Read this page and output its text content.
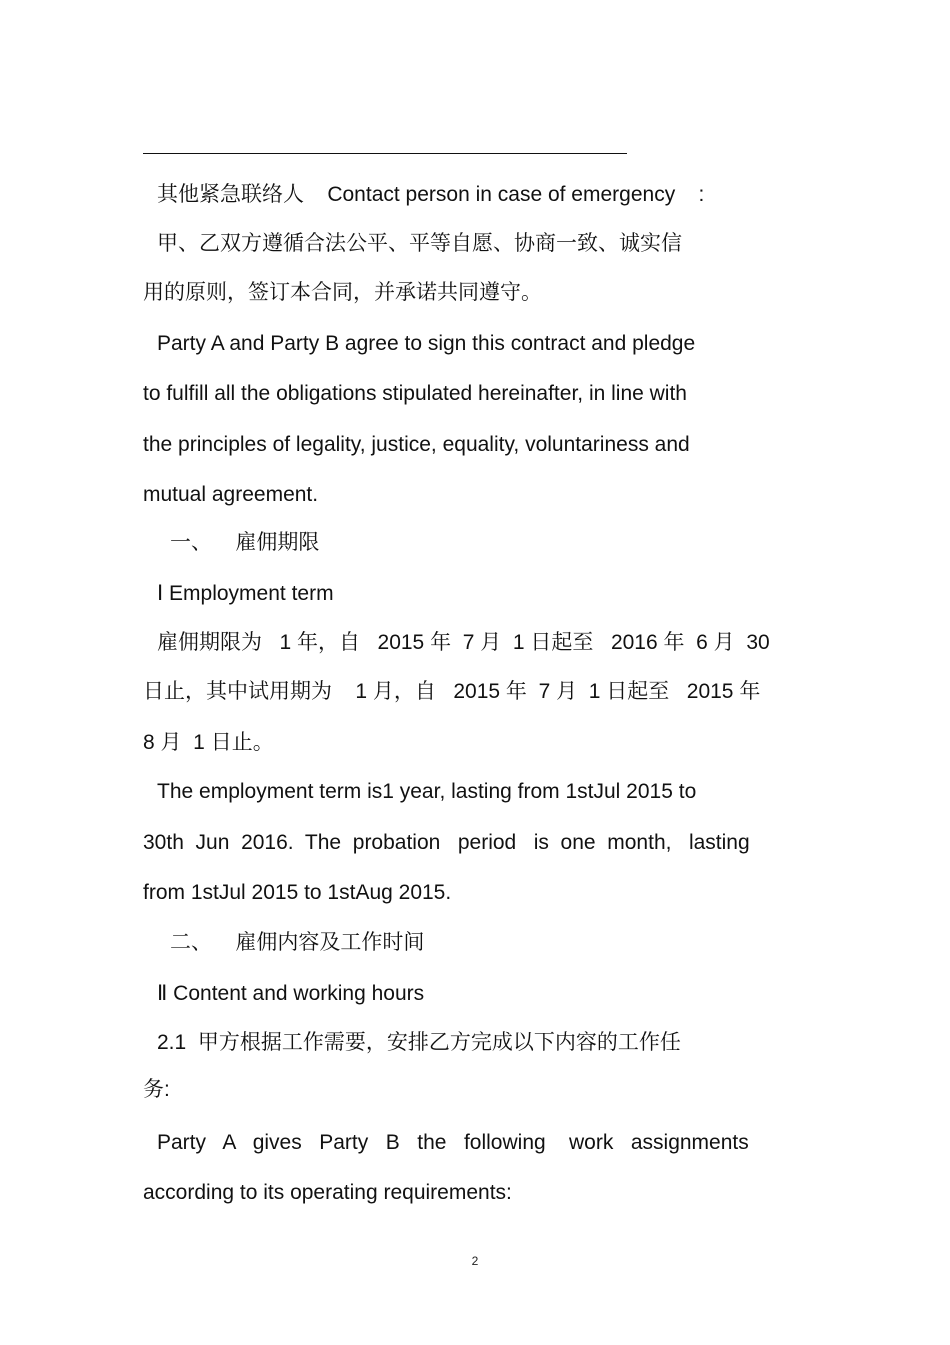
其他紧急联络人    Contact person in case of emergency    :
甲、乙双方遵循合法公平、平等自愿、协商一致、诚实信
用的原则，签订本合同，并承诺共同遵守。
Party A and Party B agree to sign this contract and pledge
to fulfill all the obligations stipulated hereinafter, in line with
the principles of legality, justice, equality, voluntariness and
mutual agreement.
一、    雇佣期限
Ⅰ Employment term
雇佣期限为   1 年，自   2015 年  7 月  1 日起至   2016 年  6 月  30
日止，其中试用期为    1 月，自   2015 年  7 月  1 日起至   2015 年
8 月  1 日止。
The employment term is1 year, lasting from 1stJul 2015 to
30th  Jun  2016.  The  probation   period   is  one  month,   lasting
from 1stJul 2015 to 1stAug 2015.
二、    雇佣内容及工作时间
Ⅱ Content and working hours
2.1  甲方根据工作需要，安排乙方完成以下内容的工作任
务:
Party   A   gives   Party   B   the   following    work   assignments
according to its operating requirements:
2
